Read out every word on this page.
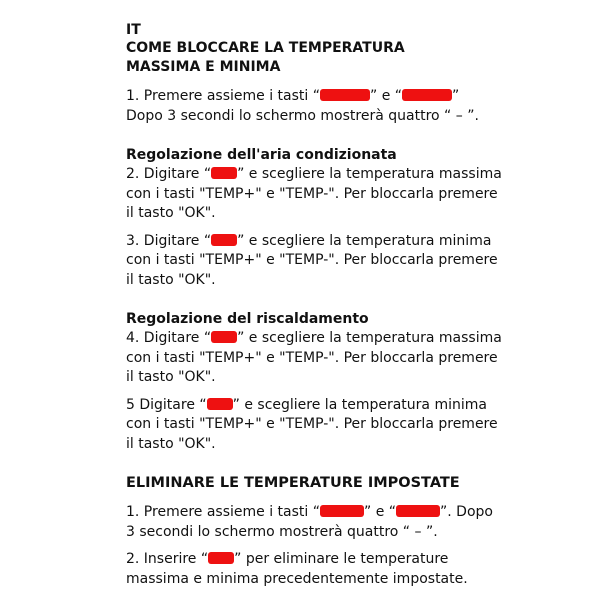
IT

COME BLOCCARE LA TEMPERATURA
MASSIMA E MINIMA

1. Premere assieme i tasti “	” e “	”
Dopo 3 secondi lo schermo mostrerà quattro “ – ”.

Regolazione dell'aria condizionata

2. Digitare “ ” e scegliere la temperatura massima con i tasti "TEMP+" e "TEMP-". Per bloccarla premere il tasto "OK".

3. Digitare “ ” e scegliere la temperatura minima con i tasti "TEMP+" e "TEMP-". Per bloccarla premere il tasto "OK".

Regolazione del riscaldamento

4. Digitare “ ” e scegliere la temperatura massima con i tasti "TEMP+" e "TEMP-". Per bloccarla premere il tasto "OK".

5 Digitare “ ” e scegliere la temperatura minima con i tasti "TEMP+" e "TEMP-". Per bloccarla premere il tasto "OK".

ELIMINARE LE TEMPERATURE IMPOSTATE

1. Premere assieme i tasti “	” e “	”. Dopo 3 secondi lo schermo mostrerà quattro “ – ”.

2. Inserire “ ” per eliminare le temperature massima e minima precedentemente impostate.
